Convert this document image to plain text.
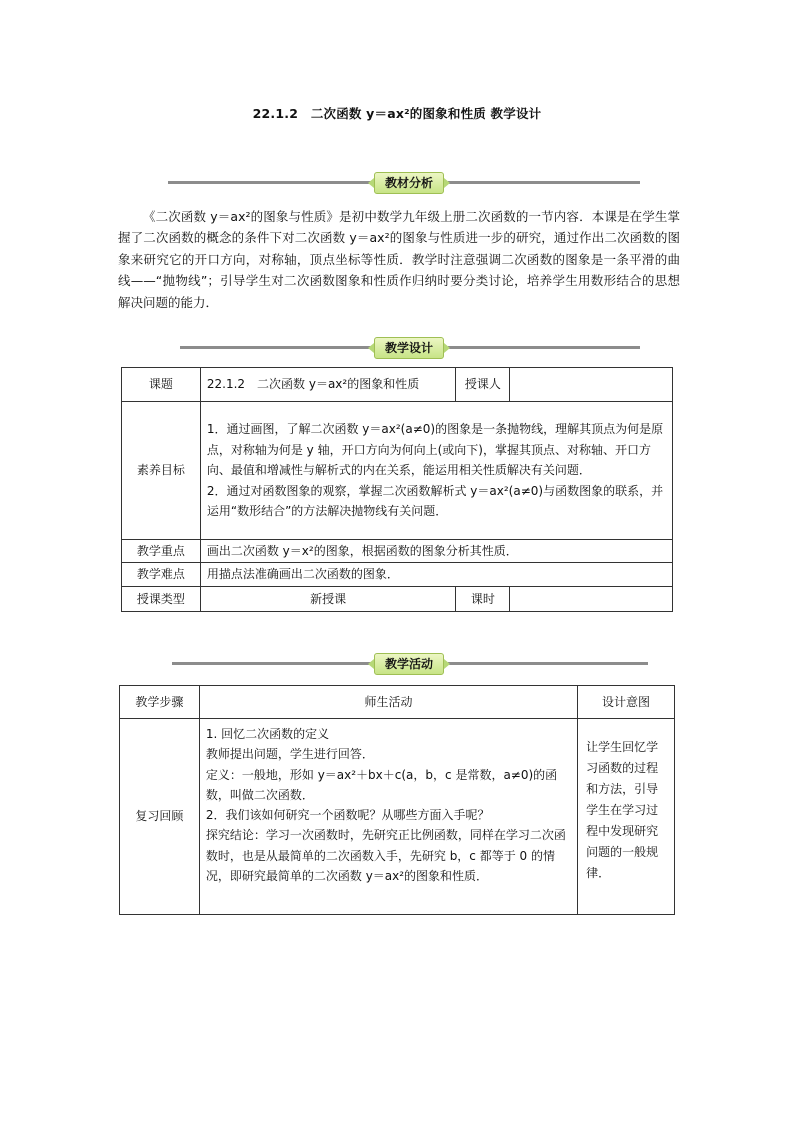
22.1.2　二次函数 y＝ax²的图象和性质 教学设计
教材分析

《二次函数 y＝ax²的图象与性质》是初中数学九年级上册二次函数的一节内容．本课是在学生掌握了二次函数的概念的条件下对二次函数 y＝ax²的图象与性质进一步的研究，通过作出二次函数的图象来研究它的开口方向，对称轴，顶点坐标等性质．教学时注意强调二次函数的图象是一条平滑的曲线——“抛物线”；引导学生对二次函数图象和性质作归纳时要分类讨论，培养学生用数形结合的思想解决问题的能力．

教学设计
课题	22.1.2　二次函数 y＝ax²的图象和性质	授课人	
素养目标	1．通过画图，了解二次函数 y＝ax²(a≠0)的图象是一条抛物线，理解其顶点为何是原点，对称轴为何是 y 轴，开口方向为何向上(或向下)，掌握其顶点、对称轴、开口方向、最值和增减性与解析式的内在关系，能运用相关性质解决有关问题．
2．通过对函数图象的观察，掌握二次函数解析式 y＝ax²(a≠0)与函数图象的联系，并运用“数形结合”的方法解决抛物线有关问题．		

教学重点	画出二次函数 y＝x²的图象，根据函数的图象分析其性质．		
教学难点	用描点法准确画出二次函数的图象．		
授课类型	新授课	课时	
教学活动
教学步骤	师生活动	设计意图
复习回顾	1. 回忆二次函数的定义
教师提出问题，学生进行回答．
定义：一般地，形如 y＝ax²＋bx＋c(a，b，c 是常数，a≠0)的函数，叫做二次函数．
2．我们该如何研究一个函数呢？从哪些方面入手呢？
探究结论：学习一次函数时，先研究正比例函数，同样在学习二次函数时，也是从最简单的二次函数入手，先研究 b，c 都等于 0 的情况，即研究最简单的二次函数 y＝ax²的图象和性质．	让学生回忆学习函数的过程和方法，引导学生在学习过程中发现研究问题的一般规律．
